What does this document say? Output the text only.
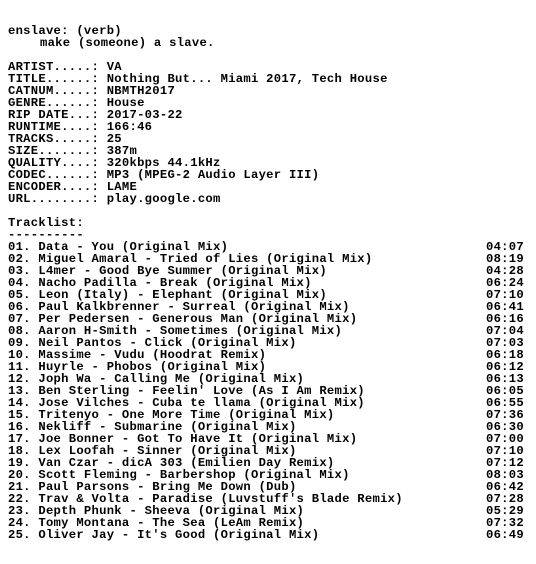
enslave: (verb)
make (someone) a slave.
ARTIST.....: VA
TITLE......: Nothing But... Miami 2017, Tech House
CATNUM.....: NBMTH2017
GENRE......: House
RIP DATE...: 2017-03-22
RUNTIME....: 166:46
TRACKS.....: 25
SIZE.......: 387m
QUALITY....: 320kbps 44.1kHz
CODEC......: MP3 (MPEG-2 Audio Layer III)
ENCODER....: LAME
URL........: play.google.com
Tracklist:
----------
01. Data - You (Original Mix)	04:07
02. Miguel Amaral - Tried of Lies (Original Mix)	08:19
03. L4mer - Good Bye Summer (Original Mix)	04:28
04. Nacho Padilla - Break (Original Mix)	06:24
05. Leon (Italy) - Elephant (Original Mix)	07:10
06. Paul Kalkbrenner - Surreal (Original Mix)	06:41
07. Per Pedersen - Generous Man (Original Mix)	06:16
08. Aaron H-Smith - Sometimes (Original Mix)	07:04
09. Neil Pantos - Click (Original Mix)	07:03
10. Massime - Vudu (Hoodrat Remix)	06:18
11. Huyrle - Phobos (Original Mix)	06:12
12. Joph Wa - Calling Me (Original Mix)	06:13
13. Ben Sterling - Feelin' Love (As I Am Remix)	06:05
14. Jose Vilches - Cuba te llama (Original Mix)	06:55
15. Tritenyo - One More Time (Original Mix)	07:36
16. Nekliff - Submarine (Original Mix)	06:30
17. Joe Bonner - Got To Have It (Original Mix)	07:00
18. Lex Loofah - Sinner (Original Mix)	07:10
19. Van Czar - dicA 303 (Emilien Day Remix)	07:12
20. Scott Fleming - Barbershop (Original Mix)	08:03
21. Paul Parsons - Bring Me Down (Dub)	06:42
22. Trav & Volta - Paradise (Luvstuff's Blade Remix)	07:28
23. Depth Phunk - Sheeva (Original Mix)	05:29
24. Tomy Montana - The Sea (LeAm Remix)	07:32
25. Oliver Jay - It's Good (Original Mix)	06:49
